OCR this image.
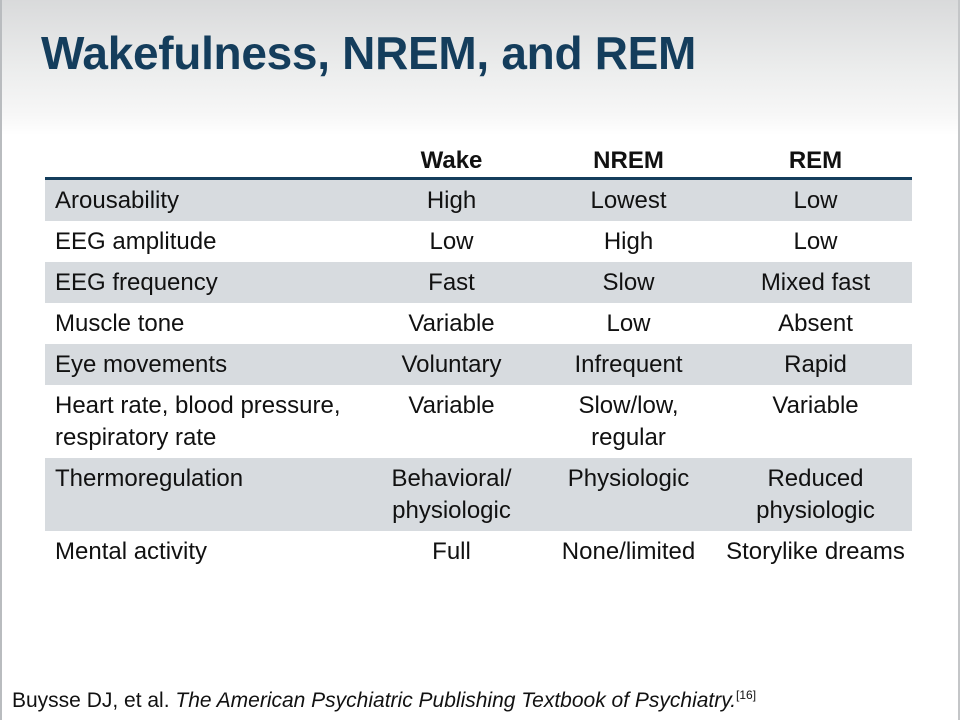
Wakefulness, NREM, and REM
	Wake	NREM	REM
Arousability	High	Lowest	Low
EEG amplitude	Low	High	Low
EEG frequency	Fast	Slow	Mixed fast
Muscle tone	Variable	Low	Absent
Eye movements	Voluntary	Infrequent	Rapid
Heart rate, blood pressure, respiratory rate	Variable	Slow/low, regular	Variable
Thermoregulation	Behavioral/ physiologic	Physiologic	Reduced physiologic
Mental activity	Full	None/limited	Storylike dreams
Buysse DJ, et al. The American Psychiatric Publishing Textbook of Psychiatry.[16]
